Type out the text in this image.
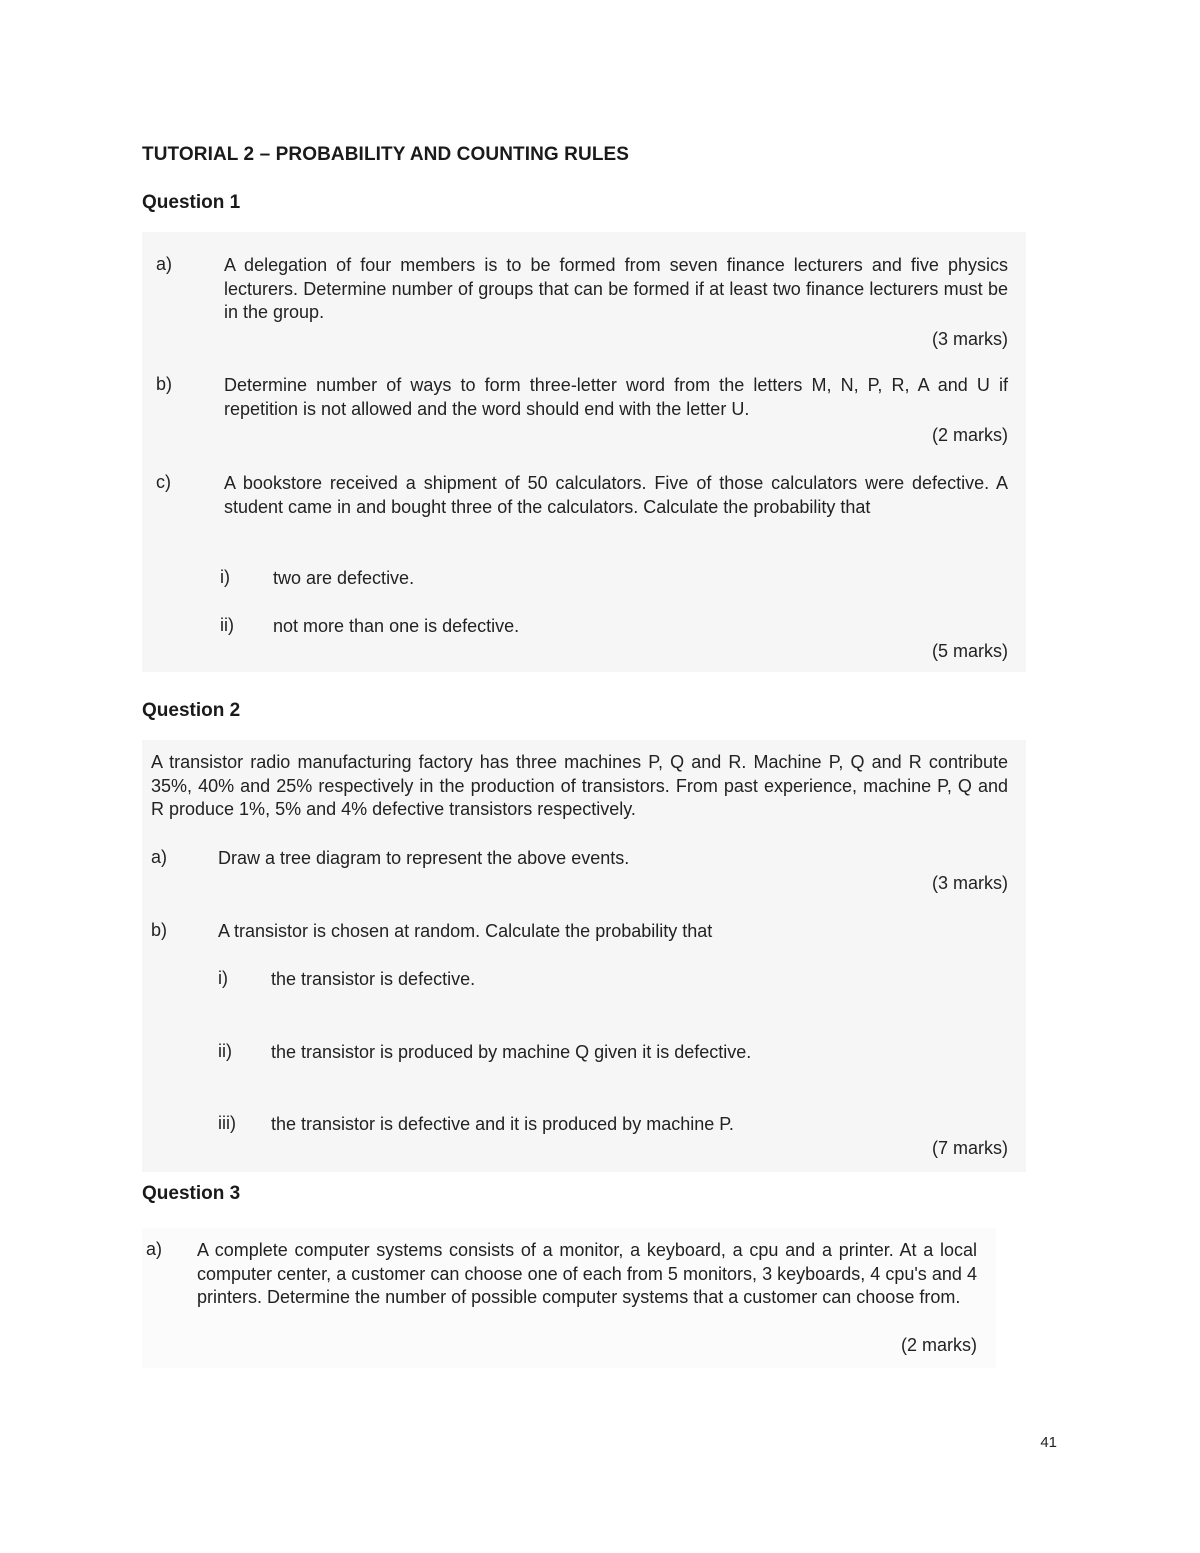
TUTORIAL 2 – PROBABILITY AND COUNTING RULES
Question 1
a)	A delegation of four members is to be formed from seven finance lecturers and five physics lecturers. Determine number of groups that can be formed if at least two finance lecturers must be in the group.
(3 marks)
b)	Determine number of ways to form three-letter word from the letters M, N, P, R, A and U if repetition is not allowed and the word should end with the letter U.
(2 marks)
c)	A bookstore received a shipment of 50 calculators. Five of those calculators were defective. A student came in and bought three of the calculators. Calculate the probability that
i) two are defective.
ii) not more than one is defective.
(5 marks)
Question 2
A transistor radio manufacturing factory has three machines P, Q and R. Machine P, Q and R contribute 35%, 40% and 25% respectively in the production of transistors. From past experience, machine P, Q and R produce 1%, 5% and 4% defective transistors respectively.
a)	Draw a tree diagram to represent the above events.
(3 marks)
b)	A transistor is chosen at random. Calculate the probability that
i) the transistor is defective.
ii) the transistor is produced by machine Q given it is defective.
iii) the transistor is defective and it is produced by machine P.
(7 marks)
Question 3
a) A complete computer systems consists of a monitor, a keyboard, a cpu and a printer. At a local computer center, a customer can choose one of each from 5 monitors, 3 keyboards, 4 cpu's and 4 printers. Determine the number of possible computer systems that a customer can choose from.
(2 marks)
41
